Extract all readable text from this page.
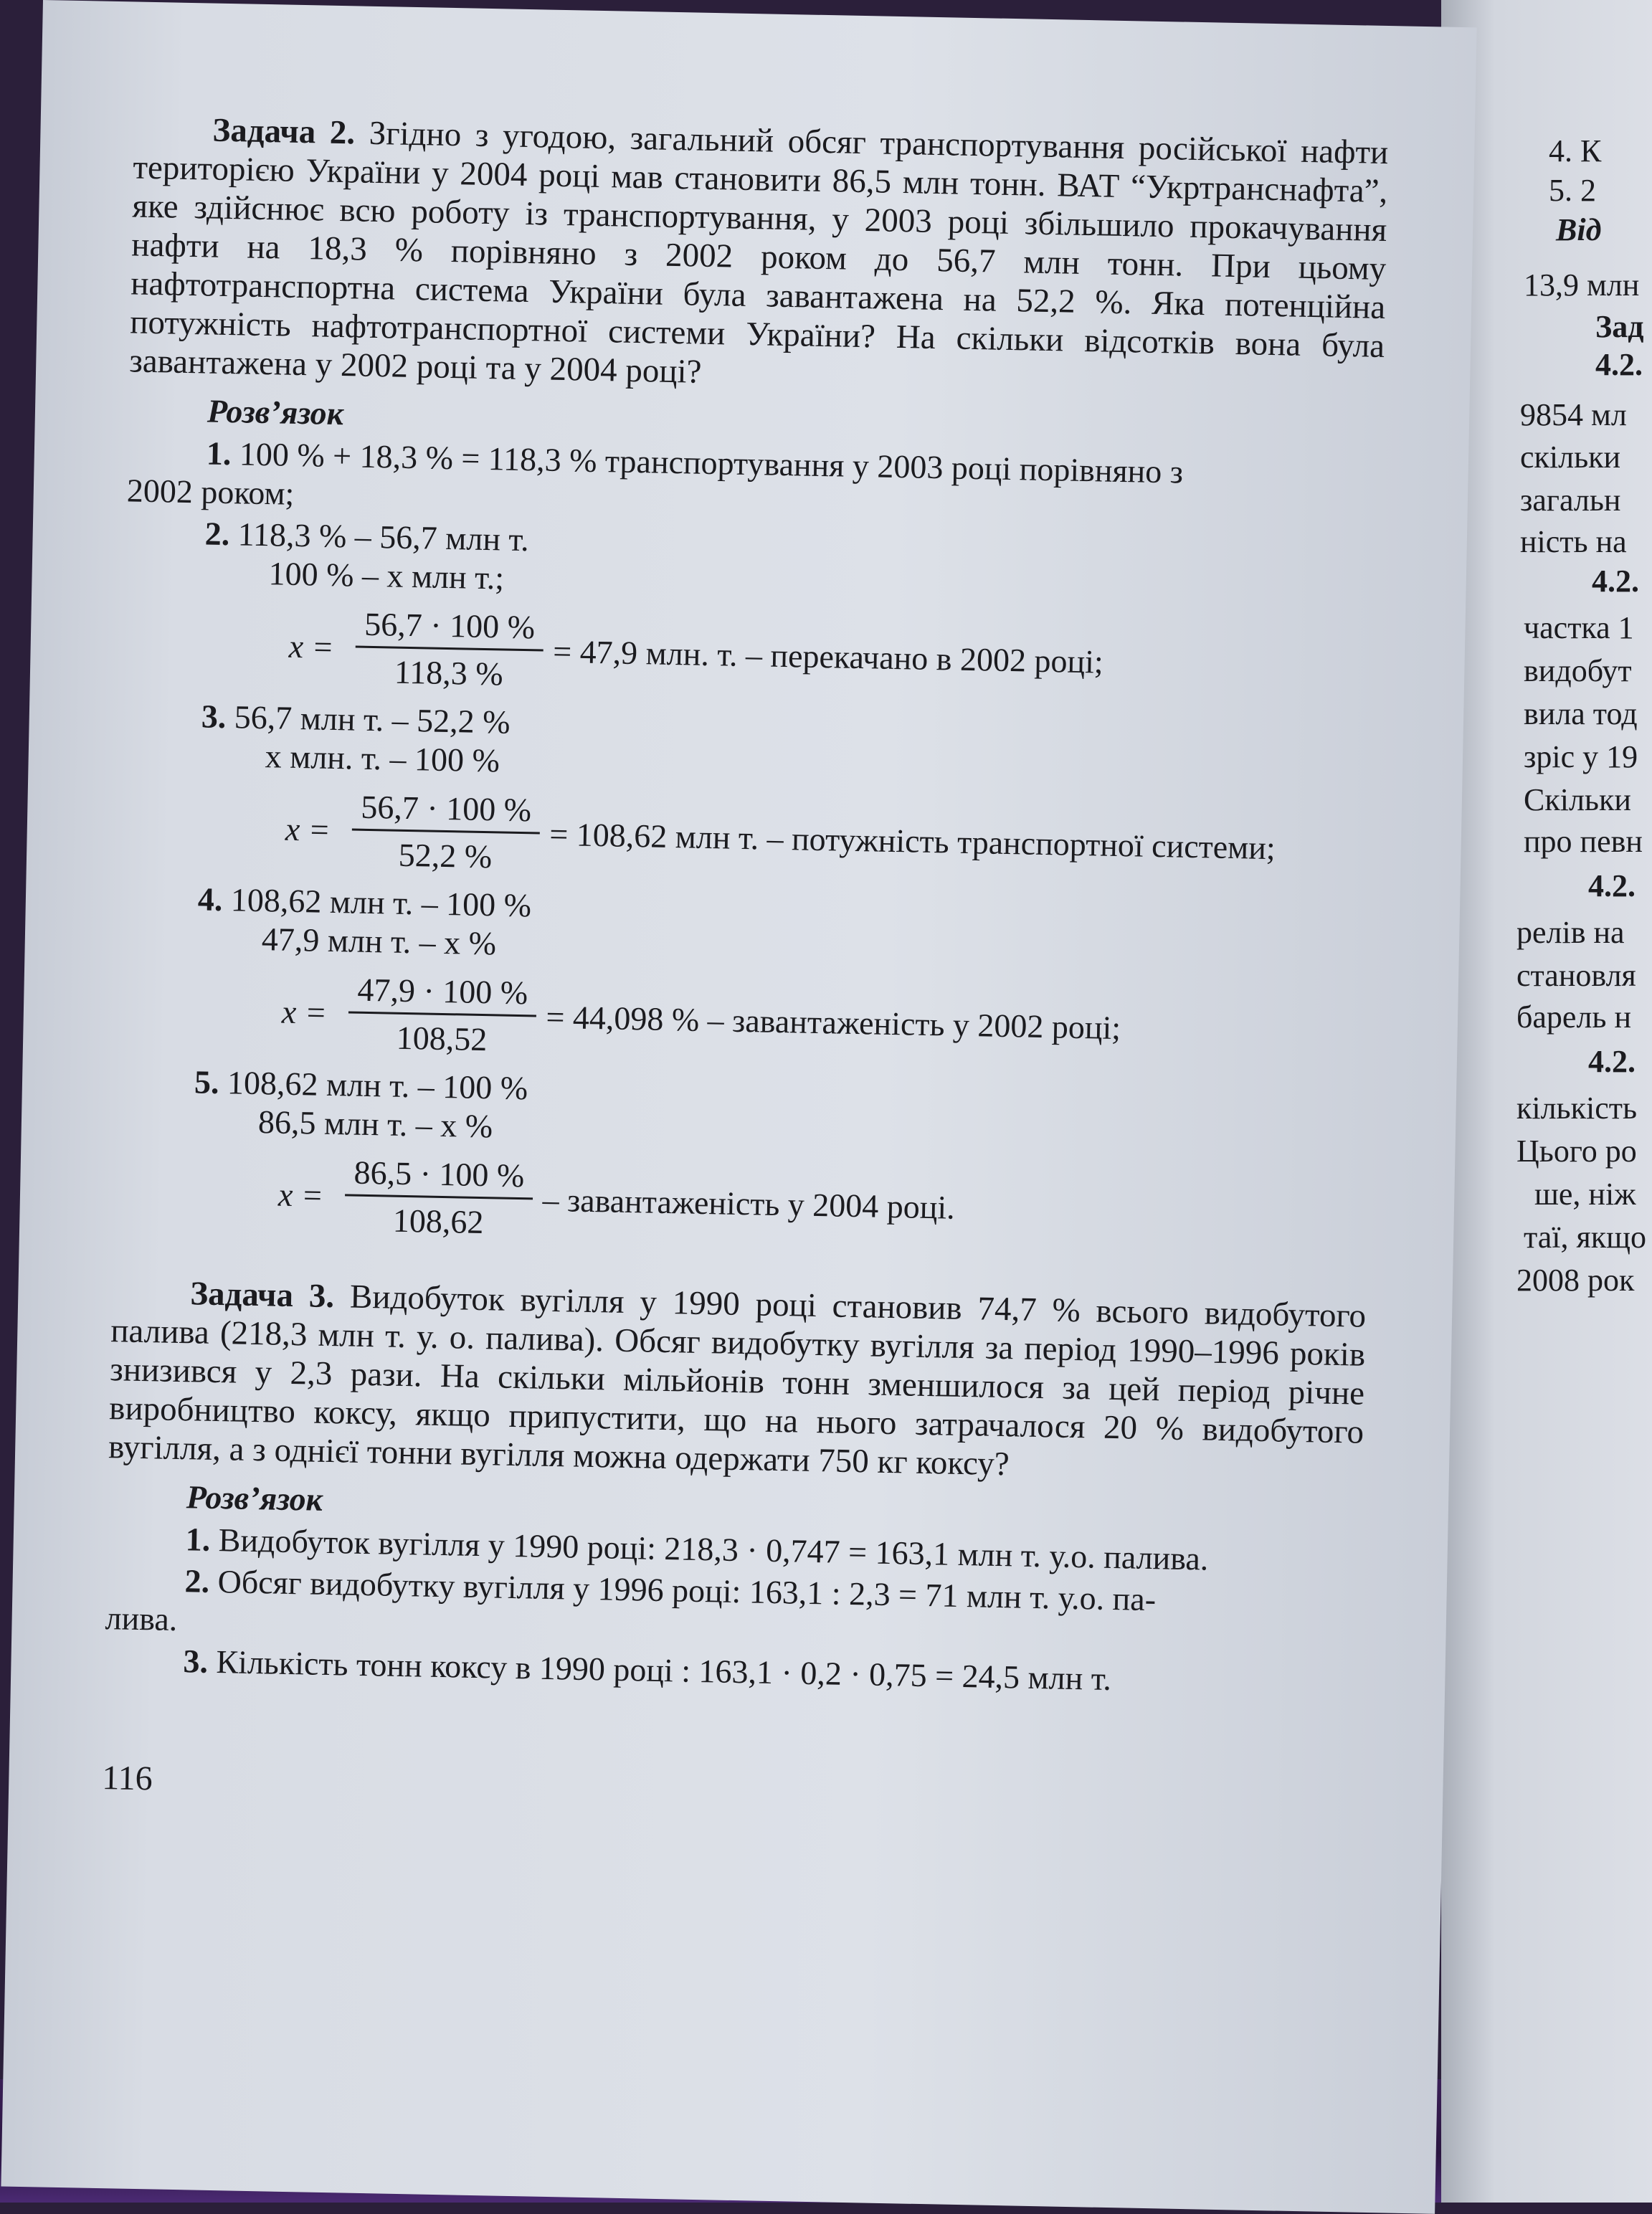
4. К
5. 2
Від
13,9 млн
Зад
4.2.
9854 мл
скільки
загальн
ність на
4.2.
частка 1
видобут
вила тод
зріс у 19
Скільки
про певн
4.2.
релів на
становля
барель н
4.2.
кількість
Цього ро
ше, ніж
таї, якщо
2008 рок

Задача 2. Згідно з угодою, загальний обсяг транспортування російської нафти територією України у 2004 році мав становити 86,5 млн тонн. ВАТ “Укртранснафта”, яке здійснює всю роботу із транспортування, у 2003 році збільшило прокачування нафти на 18,3 % порівняно з 2002 роком до 56,7 млн тонн. При цьому нафтотранспортна система України була завантажена на 52,2 %. Яка потенційна потужність нафтотранспортної системи України? На скільки відсотків вона була завантажена у 2002 році та у 2004 році?

Розв’язок
1. 100 % + 18,3 % = 118,3 % транспортування у 2003 році порівняно з
2002 роком;
2. 118,3 % – 56,7 млн т.
100 % – x млн т.;
$x = \frac{56,7 \cdot 100 \%}{118,3 \%} = 47,9$ млн. т. – перекачано в 2002 році;
3. 56,7 млн т. – 52,2 %
x млн. т. – 100 %
$x = \frac{56,7 \cdot 100 \%}{52,2 \%} = 108,62$ млн т. – потужність транспортної системи;
4. 108,62 млн т. – 100 %
47,9 млн т. – x %
$x = \frac{47,9 \cdot 100 \%}{108,52} = 44,098$ % – завантаженість у 2002 році;
5. 108,62 млн т. – 100 %
86,5 млн т. – x %
$x = \frac{86,5 \cdot 100 \%}{108,62}$ – завантаженість у 2004 році.

Задача 3. Видобуток вугілля у 1990 році становив 74,7 % всього видобутого палива (218,3 млн т. у. о. палива). Обсяг видобутку вугілля за період 1990–1996 років знизився у 2,3 рази. На скільки мільйонів тонн зменшилося за цей період річне виробництво коксу, якщо припустити, що на нього затрачалося 20 % видобутого вугілля, а з однієї тонни вугілля можна одержати 750 кг коксу?

Розв’язок
1. Видобуток вугілля у 1990 році: 218,3 · 0,747 = 163,1 млн т. у.о. палива.
2. Обсяг видобутку вугілля у 1996 році: 163,1 : 2,3 = 71 млн т. у.о. па-
лива.
3. Кількість тонн коксу в 1990 році : 163,1 · 0,2 · 0,75 = 24,5 млн т.
116
